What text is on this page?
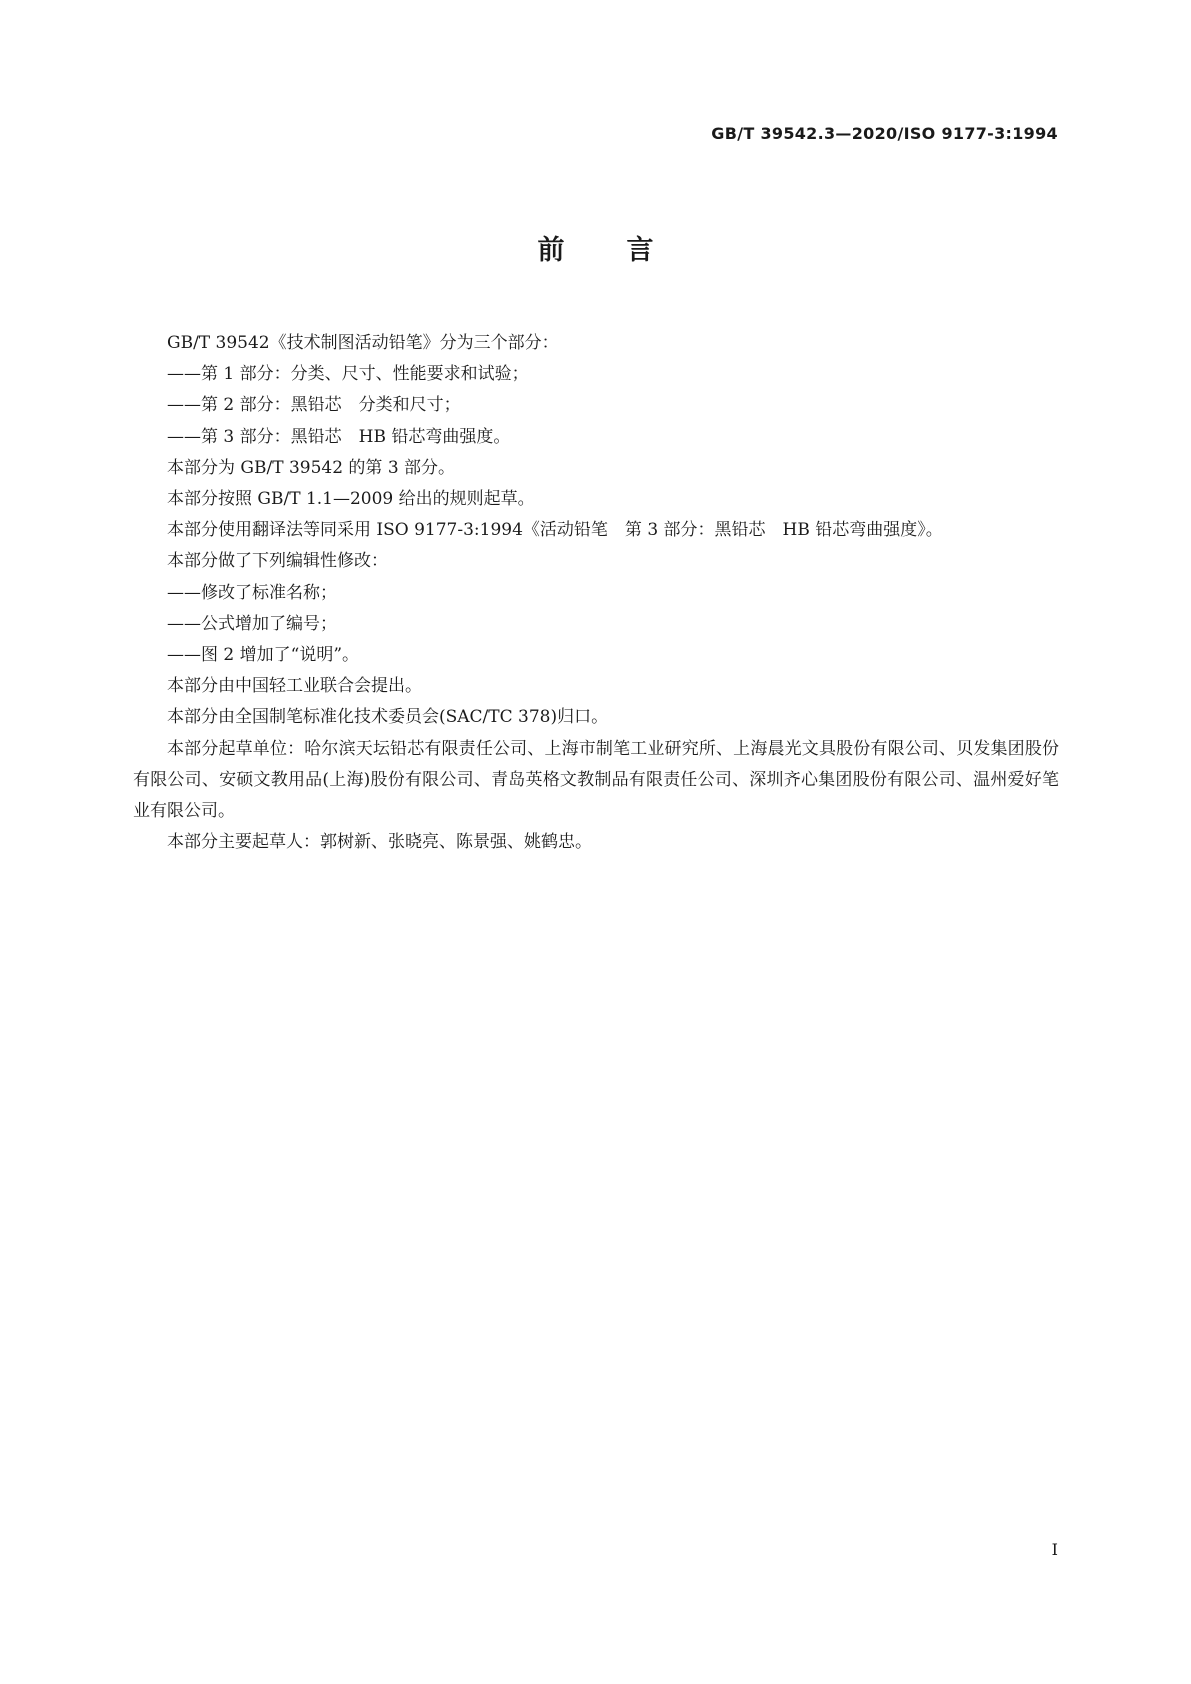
GB/T 39542.3—2020/ISO 9177-3:1994
前 言

GB/T 39542《技术制图活动铅笔》分为三个部分：

——第 1 部分：分类、尺寸、性能要求和试验；

——第 2 部分：黑铅芯　分类和尺寸；

——第 3 部分：黑铅芯　HB 铅芯弯曲强度。

本部分为 GB/T 39542 的第 3 部分。

本部分按照 GB/T 1.1—2009 给出的规则起草。

本部分使用翻译法等同采用 ISO 9177-3:1994《活动铅笔　第 3 部分：黑铅芯　HB 铅芯弯曲强度》。

本部分做了下列编辑性修改：

——修改了标准名称；

——公式增加了编号；

——图 2 增加了“说明”。

本部分由中国轻工业联合会提出。

本部分由全国制笔标准化技术委员会(SAC/TC 378)归口。

本部分起草单位：哈尔滨天坛铅芯有限责任公司、上海市制笔工业研究所、上海晨光文具股份有限公司、贝发集团股份有限公司、安硕文教用品(上海)股份有限公司、青岛英格文教制品有限责任公司、深圳齐心集团股份有限公司、温州爱好笔业有限公司。

本部分主要起草人：郭树新、张晓亮、陈景强、姚鹤忠。

I
